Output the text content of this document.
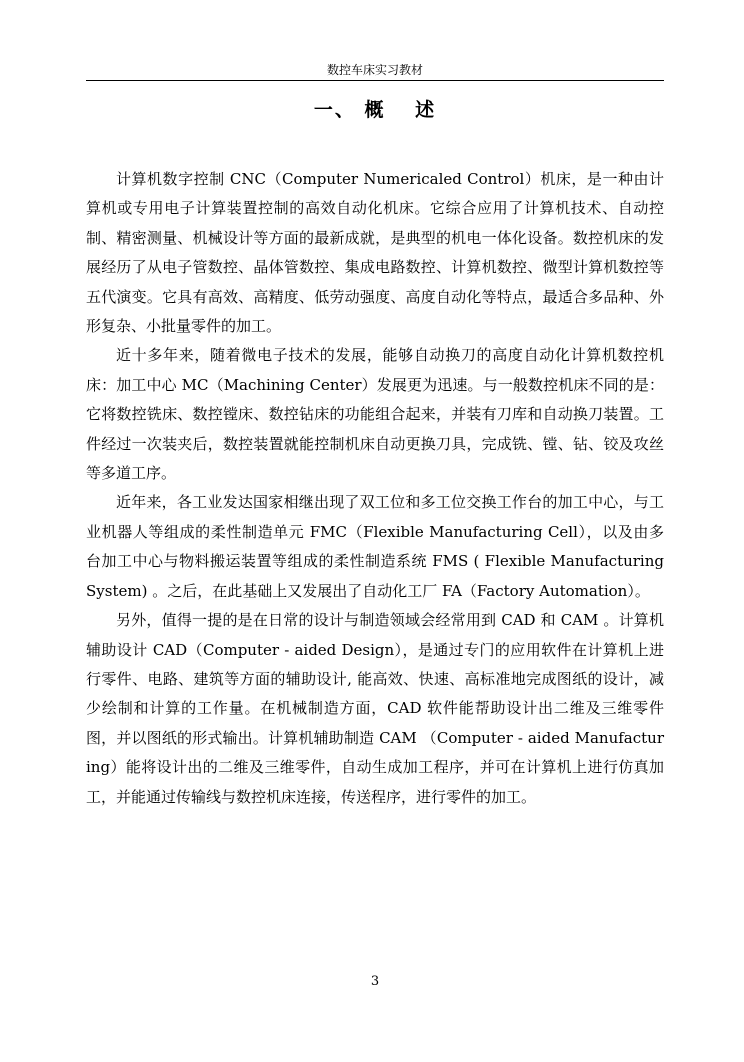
数控车床实习教材
一、 概　 述

计算机数字控制 CNC（Computer Numericaled Control）机床，是一种由计算机或专用电子计算装置控制的高效自动化机床。它综合应用了计算机技术、自动控制、精密测量、机械设计等方面的最新成就，是典型的机电一体化设备。数控机床的发展经历了从电子管数控、晶体管数控、集成电路数控、计算机数控、微型计算机数控等五代演变。它具有高效、高精度、低劳动强度、高度自动化等特点，最适合多品种、外形复杂、小批量零件的加工。

近十多年来，随着微电子技术的发展，能够自动换刀的高度自动化计算机数控机床：加工中心 MC（Machining Center）发展更为迅速。与一般数控机床不同的是：它将数控铣床、数控镗床、数控钻床的功能组合起来，并装有刀库和自动换刀装置。工件经过一次装夹后，数控装置就能控制机床自动更换刀具，完成铣、镗、钻、铰及攻丝等多道工序。

近年来，各工业发达国家相继出现了双工位和多工位交换工作台的加工中心，与工业机器人等组成的柔性制造单元 FMC（Flexible Manufacturing Cell），以及由多台加工中心与物料搬运装置等组成的柔性制造系统 FMS ( Flexible Manufacturing System) 。之后，在此基础上又发展出了自动化工厂 FA（Factory Automation）。

另外，值得一提的是在日常的设计与制造领域会经常用到 CAD 和 CAM 。计算机辅助设计 CAD（Computer - aided Design），是通过专门的应用软件在计算机上进行零件、电路、建筑等方面的辅助设计, 能高效、快速、高标准地完成图纸的设计，减少绘制和计算的工作量。在机械制造方面，CAD 软件能帮助设计出二维及三维零件图，并以图纸的形式输出。计算机辅助制造 CAM （Computer - aided Manufacturing）能将设计出的二维及三维零件，自动生成加工程序，并可在计算机上进行仿真加工，并能通过传输线与数控机床连接，传送程序，进行零件的加工。

3
